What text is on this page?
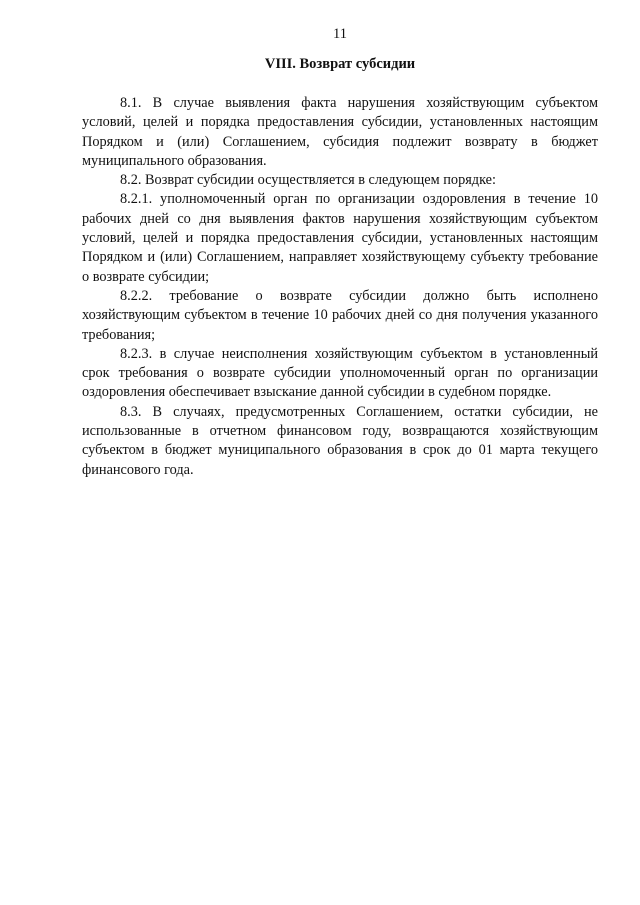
11
VIII. Возврат субсидии

8.1. В случае выявления факта нарушения хозяйствующим субъектом условий, целей и порядка предоставления субсидии, установленных настоящим Порядком и (или) Соглашением, субсидия подлежит возврату в бюджет муниципального образования.

8.2. Возврат субсидии осуществляется в следующем порядке:

8.2.1. уполномоченный орган по организации оздоровления в течение 10 рабочих дней со дня выявления фактов нарушения хозяйствующим субъектом условий, целей и порядка предоставления субсидии, установленных настоящим Порядком и (или) Соглашением, направляет хозяйствующему субъекту требование о возврате субсидии;

8.2.2. требование о возврате субсидии должно быть исполнено хозяйствующим субъектом в течение 10 рабочих дней со дня получения указанного требования;

8.2.3. в случае неисполнения хозяйствующим субъектом в установленный срок требования о возврате субсидии уполномоченный орган по организации оздоровления обеспечивает взыскание данной субсидии в судебном порядке.

8.3. В случаях, предусмотренных Соглашением, остатки субсидии, не использованные в отчетном финансовом году, возвращаются хозяйствующим субъектом в бюджет муниципального образования в срок до 01 марта текущего финансового года.
